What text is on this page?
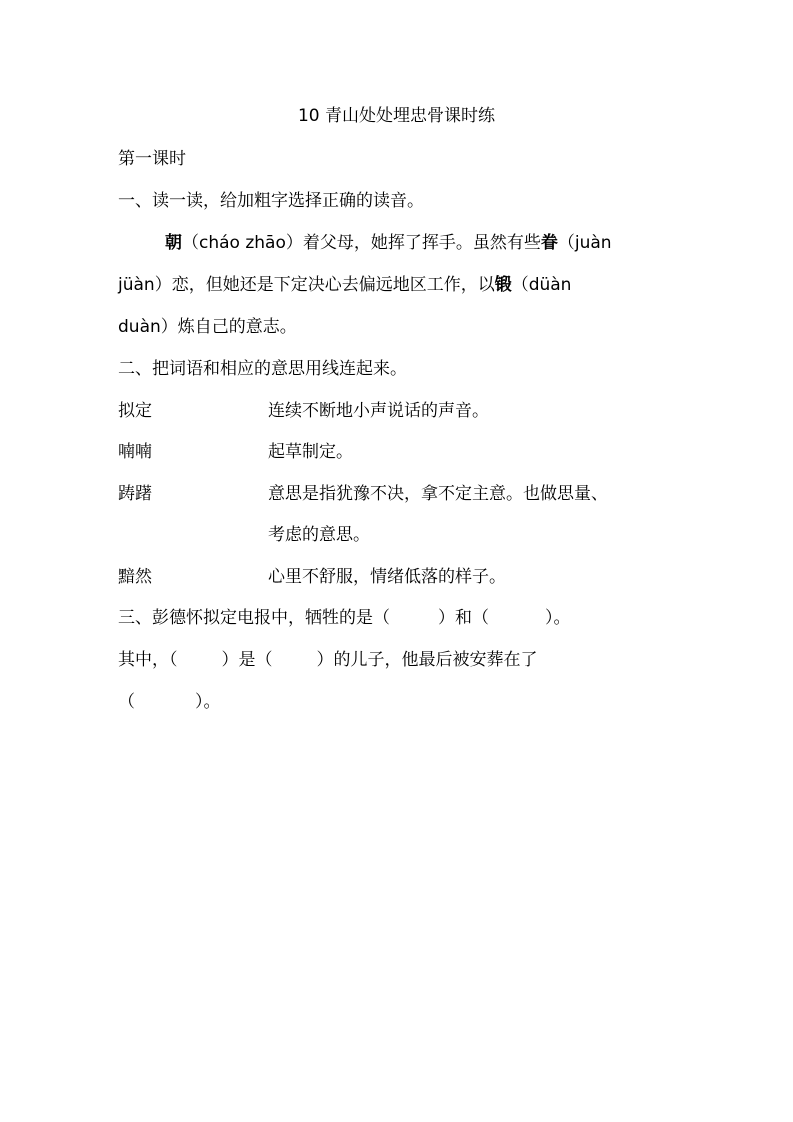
10 青山处处埋忠骨课时练
第一课时
一、读一读，给加粗字选择正确的读音。
朝（cháo zhāo）着父母，她挥了挥手。虽然有些眷（juàn
jüàn）恋，但她还是下定决心去偏远地区工作，以锻（düàn
duàn）炼自己的意志。
二、把词语和相应的意思用线连起来。
拟定	连续不断地小声说话的声音。
喃喃	起草制定。
踌躇	意思是指犹豫不决，拿不定主意。也做思量、
考虑的意思。
黯然	心里不舒服，情绪低落的样子。
三、彭德怀拟定电报中，牺牲的是（	）和（	）。
其中，（	）是（	）的儿子，他最后被安葬在了
（	）。
